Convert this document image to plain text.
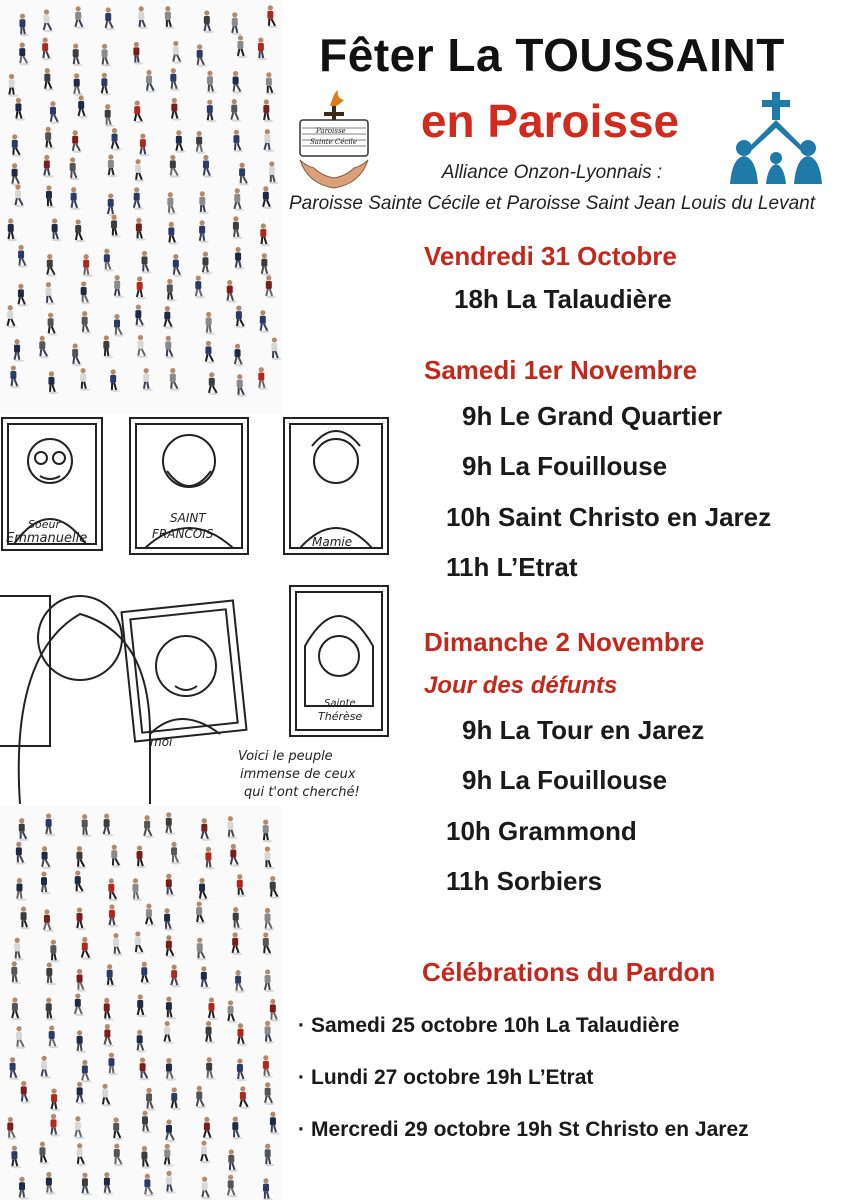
Soeur
Emmanuelle
SAINT
FRANCOIS
Mamie
Sainte
Thérèse
moi
Voici le peuple
immense de ceux
qui t'ont cherché!
Fêter La TOUSSAINT
en Paroisse
Paroisse
Sainte Cécile
Alliance Onzon-Lyonnais :
Paroisse Sainte Cécile et Paroisse Saint Jean Louis du Levant
Vendredi 31 Octobre
18h La Talaudière
Samedi 1er Novembre
9h Le Grand Quartier
9h La Fouillouse
10h Saint Christo en Jarez
11h L’Etrat
Dimanche 2 Novembre
Jour des défunts
9h La Tour en Jarez
9h La Fouillouse
10h Grammond
11h Sorbiers
Célébrations du Pardon
· Samedi 25 octobre 10h La Talaudière
· Lundi 27 octobre 19h L’Etrat
· Mercredi 29 octobre 19h St Christo en Jarez
